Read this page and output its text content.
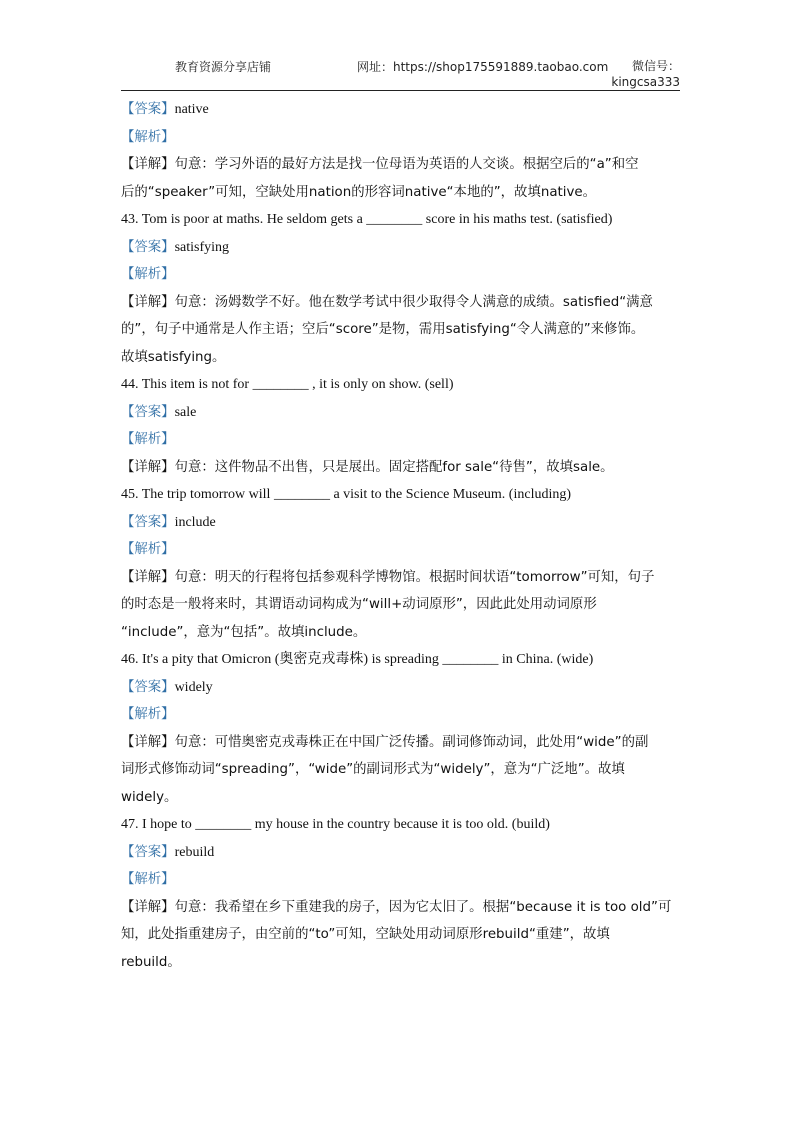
教育资源分享店铺	网址：https://shop175591889.taobao.com	微信号：
kingcsa333
【答案】native
【解析】
【详解】句意：学习外语的最好方法是找一位母语为英语的人交谈。根据空后的“a”和空
后的“speaker”可知，空缺处用nation的形容词native“本地的”，故填native。
43. Tom is poor at maths. He seldom gets a ________ score in his maths test. (satisfied)
【答案】satisfying
【解析】
【详解】句意：汤姆数学不好。他在数学考试中很少取得令人满意的成绩。satisfied“满意
的”，句子中通常是人作主语；空后“score”是物，需用satisfying“令人满意的”来修饰。
故填satisfying。
44. This item is not for ________ , it is only on show. (sell)
【答案】sale
【解析】
【详解】句意：这件物品不出售，只是展出。固定搭配for sale“待售”，故填sale。
45. The trip tomorrow will ________ a visit to the Science Museum. (including)
【答案】include
【解析】
【详解】句意：明天的行程将包括参观科学博物馆。根据时间状语“tomorrow”可知，句子
的时态是一般将来时，其谓语动词构成为“will+动词原形”，因此此处用动词原形
“include”，意为“包括”。故填include。
46. It's a pity that Omicron (奥密克戎毒株) is spreading ________ in China. (wide)
【答案】widely
【解析】
【详解】句意：可惜奥密克戎毒株正在中国广泛传播。副词修饰动词，此处用“wide”的副
词形式修饰动词“spreading”，“wide”的副词形式为“widely”，意为“广泛地”。故填
widely。
47. I hope to ________ my house in the country because it is too old. (build)
【答案】rebuild
【解析】
【详解】句意：我希望在乡下重建我的房子，因为它太旧了。根据“because it is too old”可
知，此处指重建房子，由空前的“to”可知，空缺处用动词原形rebuild“重建”，故填
rebuild。
